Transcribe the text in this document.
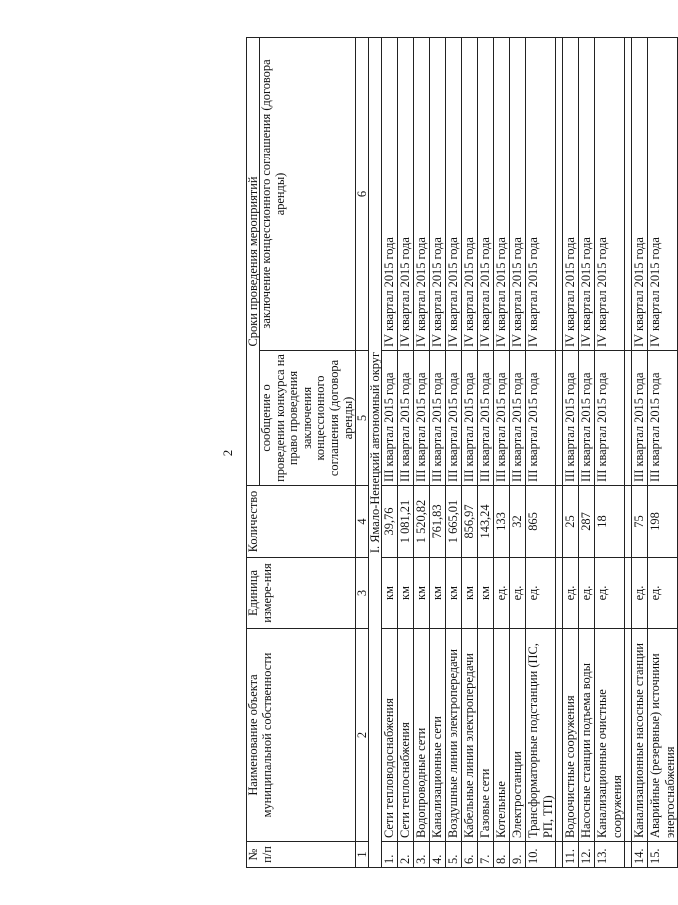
2
№ п/п	Наименование объекта муниципальной собственности	Единица измере-ния	Количество	Сроки проведения мероприятий	
				сообщение о проведении конкурса на право проведения заключения концессионного соглашения (договора аренды)	заключение концессионного соглашения (договора аренды)
1	2	3	4	5	6
I. Ямало-Ненецкий автономный округ					
1.	Сети тепловодоснабжения	км	39,76	III квартал 2015 года	IV квартал 2015 года
2.	Сети теплоснабжения	км	1 081,21	III квартал 2015 года	IV квартал 2015 года
3.	Водопроводные сети	км	1 520,82	III квартал 2015 года	IV квартал 2015 года
4.	Канализационные сети	км	761,83	III квартал 2015 года	IV квартал 2015 года
5.	Воздушные линии электропередачи	км	1 665,01	III квартал 2015 года	IV квартал 2015 года
6.	Кабельные линии электропередачи	км	856,97	III квартал 2015 года	IV квартал 2015 года
7.	Газовые сети	км	143,24	III квартал 2015 года	IV квартал 2015 года
8.	Котельные	ед.	133	III квартал 2015 года	IV квартал 2015 года
9.	Электростанции	ед.	32	III квартал 2015 года	IV квартал 2015 года
10.	Трансформаторные подстанции (ПС, РП, ТП)	ед.	865	III квартал 2015 года	IV квартал 2015 года

11.	Водоочистные сооружения	ед.	25	III квартал 2015 года	IV квартал 2015 года
12.	Насосные станции подъема воды	ед.	287	III квартал 2015 года	IV квартал 2015 года
13.	Канализационные очистные сооружения	ед.	18	III квартал 2015 года	IV квартал 2015 года

14.	Канализационные насосные станции	ед.	75	III квартал 2015 года	IV квартал 2015 года
15.	Аварийные (резервные) источники энергоснабжения	ед.	198	III квартал 2015 года	IV квартал 2015 года
